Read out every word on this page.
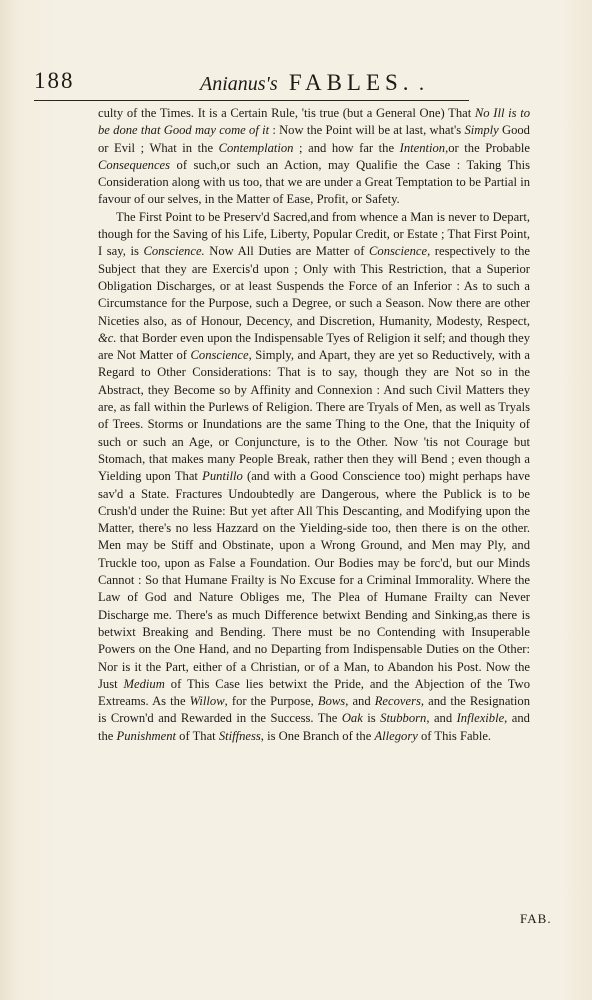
188	Anianus's FABLES. .

culty of the Times. It is a Certain Rule, 'tis true (but a General One) That No Ill is to be done that Good may come of it : Now the Point will be at last, what's Simply Good or Evil ; What in the Contemplation ; and how far the Intention,or the Probable Consequences of such,or such an Action, may Qualifie the Case : Taking This Consideration along with us too, that we are under a Great Temptation to be Partial in favour of our selves, in the Matter of Ease, Profit, or Safety.

The First Point to be Preserv'd Sacred,and from whence a Man is never to Depart, though for the Saving of his Life, Liberty, Popular Credit, or Estate ; That First Point, I say, is Conscience. Now All Duties are Matter of Conscience, respectively to the Subject that they are Exercis'd upon ; Only with This Restriction, that a Superior Obligation Discharges, or at least Suspends the Force of an Inferior : As to such a Circumstance for the Purpose, such a Degree, or such a Season. Now there are other Niceties also, as of Honour, Decency, and Discretion, Humanity, Modesty, Respect, &c. that Border even upon the Indispensable Tyes of Religion it self; and though they are Not Matter of Conscience, Simply, and Apart, they are yet so Reductively, with a Regard to Other Considerations: That is to say, though they are Not so in the Abstract, they Become so by Affinity and Connexion : And such Civil Matters they are, as fall within the Purlews of Religion. There are Tryals of Men, as well as Tryals of Trees. Storms or Inundations are the same Thing to the One, that the Iniquity of such or such an Age, or Conjuncture, is to the Other. Now 'tis not Courage but Stomach, that makes many People Break, rather then they will Bend ; even though a Yielding upon That Puntillo (and with a Good Conscience too) might perhaps have sav'd a State. Fractures Undoubtedly are Dangerous, where the Publick is to be Crush'd under the Ruine: But yet after All This Descanting, and Modifying upon the Matter, there's no less Hazzard on the Yielding-side too, then there is on the other. Men may be Stiff and Obstinate, upon a Wrong Ground, and Men may Ply, and Truckle too, upon as False a Foundation. Our Bodies may be forc'd, but our Minds Cannot : So that Humane Frailty is No Excuse for a Criminal Immorality. Where the Law of God and Nature Obliges me, The Plea of Humane Frailty can Never Discharge me. There's as much Difference betwixt Bending and Sinking,as there is betwixt Breaking and Bending. There must be no Contending with Insuperable Powers on the One Hand, and no Departing from Indispensable Duties on the Other: Nor is it the Part, either of a Christian, or of a Man, to Abandon his Post. Now the Just Medium of This Case lies betwixt the Pride, and the Abjection of the Two Extreams. As the Willow, for the Purpose, Bows, and Recovers, and the Resignation is Crown'd and Rewarded in the Success. The Oak is Stubborn, and Inflexible, and the Punishment of That Stiffness, is One Branch of the Allegory of This Fable.

FAB.
